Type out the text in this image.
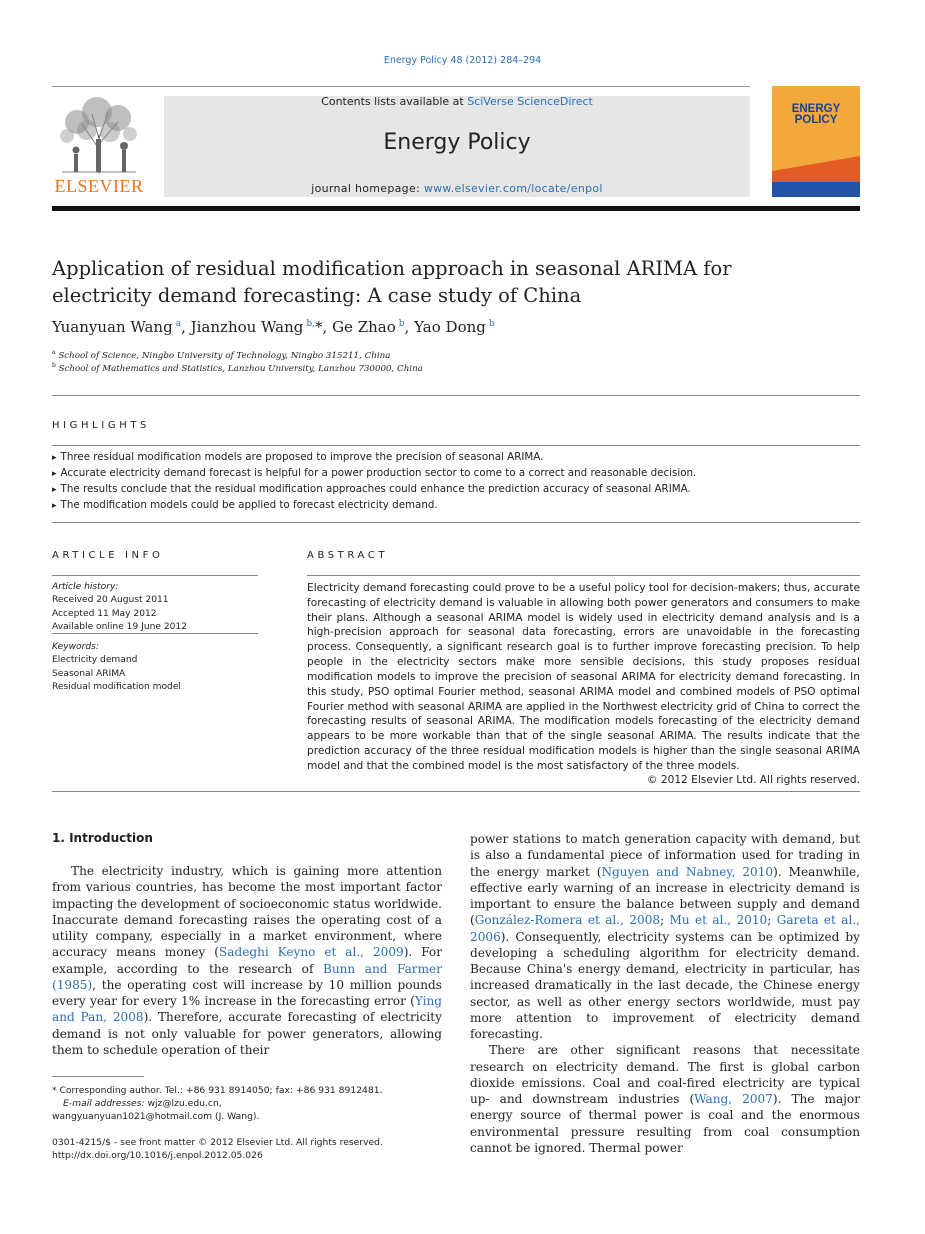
Energy Policy 48 (2012) 284–294
ELSEVIER
Contents lists available at SciVerse ScienceDirect
Energy Policy
journal homepage: www.elsevier.com/locate/enpol
ENERGY
POLICY
Application of residual modification approach in seasonal ARIMA for
electricity demand forecasting: A case study of China
Yuanyuan Wang  $^a$, Jianzhou Wang  $^{b,}$*, Ge Zhao  $^b$, Yao Dong  $^b$
$^a$ School of Science, Ningbo University of Technology, Ningbo 315211, China
$^b$ School of Mathematics and Statistics, Lanzhou University, Lanzhou 730000, China
HIGHLIGHTS
▸ Three residual modification models are proposed to improve the precision of seasonal ARIMA.
▸ Accurate electricity demand forecast is helpful for a power production sector to come to a correct and reasonable decision.
▸ The results conclude that the residual modification approaches could enhance the prediction accuracy of seasonal ARIMA.
▸ The modification models could be applied to forecast electricity demand.
ARTICLE INFO
Article history:
Received 20 August 2011
Accepted 11 May 2012
Available online 19 June 2012
Keywords:
Electricity demand
Seasonal ARIMA
Residual modification model
ABSTRACT
Electricity demand forecasting could prove to be a useful policy tool for decision-makers; thus, accurate forecasting of electricity demand is valuable in allowing both power generators and consumers to make their plans. Although a seasonal ARIMA model is widely used in electricity demand analysis and is a high-precision approach for seasonal data forecasting, errors are unavoidable in the forecasting process. Consequently, a significant research goal is to further improve forecasting precision. To help people in the electricity sectors make more sensible decisions, this study proposes residual modification models to improve the precision of seasonal ARIMA for electricity demand forecasting. In this study, PSO optimal Fourier method, seasonal ARIMA model and combined models of PSO optimal Fourier method with seasonal ARIMA are applied in the Northwest electricity grid of China to correct the forecasting results of seasonal ARIMA. The modification models forecasting of the electricity demand appears to be more workable than that of the single seasonal ARIMA. The results indicate that the prediction accuracy of the three residual modification models is higher than the single seasonal ARIMA model and that the combined model is the most satisfactory of the three models.
© 2012 Elsevier Ltd. All rights reserved.
1. Introduction

The electricity industry, which is gaining more attention from various countries, has become the most important factor impacting the development of socioeconomic status worldwide. Inaccurate demand forecasting raises the operating cost of a utility company, especially in a market environment, where accuracy means money (Sadeghi Keyno et al., 2009). For example, according to the research of Bunn and Farmer (1985), the operating cost will increase by 10 million pounds every year for every 1% increase in the forecasting error (Ying and Pan, 2008). Therefore, accurate forecasting of electricity demand is not only valuable for power generators, allowing them to schedule operation of their

power stations to match generation capacity with demand, but is also a fundamental piece of information used for trading in the energy market (Nguyen and Nabney, 2010). Meanwhile, effective early warning of an increase in electricity demand is important to ensure the balance between supply and demand (González-Romera et al., 2008; Mu et al., 2010; Gareta et al., 2006). Consequently, electricity systems can be optimized by developing a scheduling algorithm for electricity demand. Because China's energy demand, electricity in particular, has increased dramatically in the last decade, the Chinese energy sector, as well as other energy sectors worldwide, must pay more attention to improvement of electricity demand forecasting.

There are other significant reasons that necessitate research on electricity demand. The first is global carbon dioxide emissions. Coal and coal-fired electricity are typical up- and downstream industries (Wang, 2007). The major energy source of thermal power is coal and the enormous environmental pressure resulting from coal consumption cannot be ignored. Thermal power

* Corresponding author. Tel.: +86 931 8914050; fax: +86 931 8912481.
E-mail addresses: wjz@lzu.edu.cn,
wangyuanyuan1021@hotmail.com (J. Wang).
0301-4215/$ - see front matter © 2012 Elsevier Ltd. All rights reserved.
http://dx.doi.org/10.1016/j.enpol.2012.05.026
